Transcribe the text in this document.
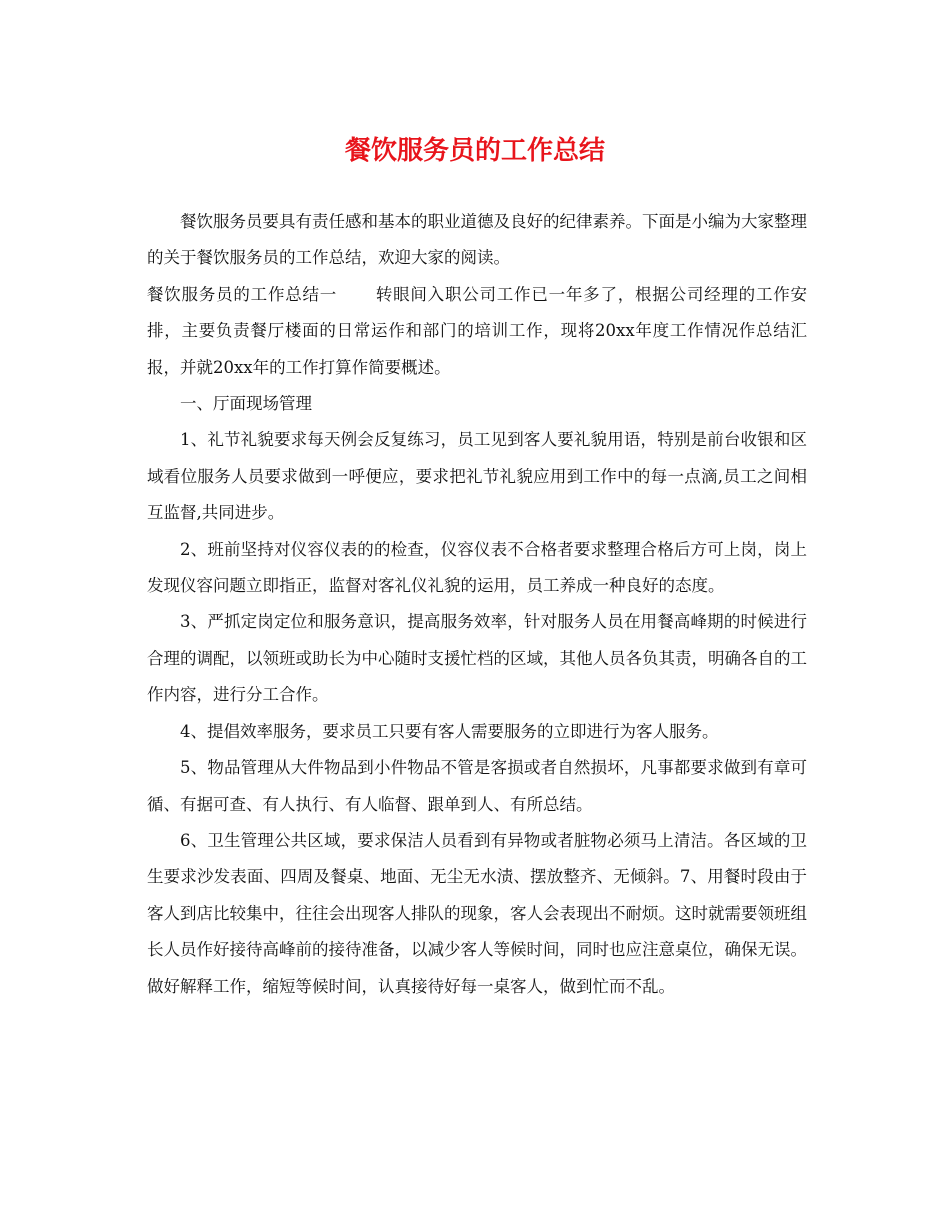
餐饮服务员的工作总结

餐饮服务员要具有责任感和基本的职业道德及良好的纪律素养。下面是小编为大家整理的关于餐饮服务员的工作总结，欢迎大家的阅读。

餐饮服务员的工作总结一 转眼间入职公司工作已一年多了，根据公司经理的工作安排，主要负责餐厅楼面的日常运作和部门的培训工作，现将20xx年度工作情况作总结汇报，并就20xx年的工作打算作简要概述。

一、厅面现场管理

1、礼节礼貌要求每天例会反复练习，员工见到客人要礼貌用语，特别是前台收银和区域看位服务人员要求做到一呼便应，要求把礼节礼貌应用到工作中的每一点滴,员工之间相互监督,共同进步。

2、班前坚持对仪容仪表的的检查，仪容仪表不合格者要求整理合格后方可上岗，岗上发现仪容问题立即指正，监督对客礼仪礼貌的运用，员工养成一种良好的态度。

3、严抓定岗定位和服务意识，提高服务效率，针对服务人员在用餐高峰期的时候进行合理的调配，以领班或助长为中心随时支援忙档的区域，其他人员各负其责，明确各自的工作内容，进行分工合作。

4、提倡效率服务，要求员工只要有客人需要服务的立即进行为客人服务。

5、物品管理从大件物品到小件物品不管是客损或者自然损坏，凡事都要求做到有章可循、有据可查、有人执行、有人临督、跟单到人、有所总结。

6、卫生管理公共区域，要求保洁人员看到有异物或者脏物必须马上清洁。各区域的卫生要求沙发表面、四周及餐桌、地面、无尘无水渍、摆放整齐、无倾斜。7、用餐时段由于客人到店比较集中，往往会出现客人排队的现象，客人会表现出不耐烦。这时就需要领班组长人员作好接待高峰前的接待准备，以减少客人等候时间，同时也应注意桌位，确保无误。做好解释工作，缩短等候时间，认真接待好每一桌客人，做到忙而不乱。
